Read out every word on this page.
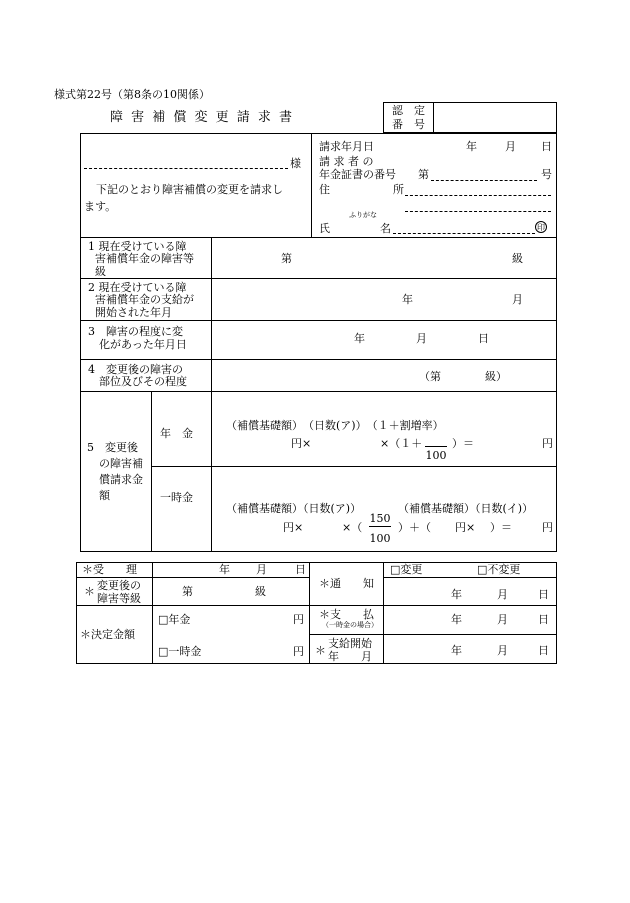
様式第22号（第8条の10関係）
障 害 補 償 変 更 請 求 書	認　定
番　号
様
下記のとおり障害補償の変更を請求し
ます。
請求年月日	年	月 日
請 求 者 の
年金証書の番号 第	号
住	所
ふりがな
氏	名	印
1 現在受けている障
害補償年金の障害等
級
第	級
2 現在受けている障
害補償年金の支給が
開始された年月
年	月
3　障害の程度に変
化があった年月日	年	月	日
4　変更後の障害の
部位及びその程度	（第　　　　級）
5　変更後
の障害補
償請求金
額
年　金
（補償基礎額）　（日数(ア)）　（１＋割増率）
円×	×（１＋
100
）＝	円
一時金
（補償基礎額）（日数(ア)）	（補償基礎額）（日数(イ)）
円×	×（
150
100
）＋（ 円× ）＝	円
＊受　　理	年 月	日
＊ 変更後の
障害等級
第	級
＊通　　知
□変更	□不変更
年	月	日
＊決定金額
□年金	円
□一時金	円
＊支　　払
（一時金の場合）	年	月	日
＊
支給開始
年　　月	年	月	日
